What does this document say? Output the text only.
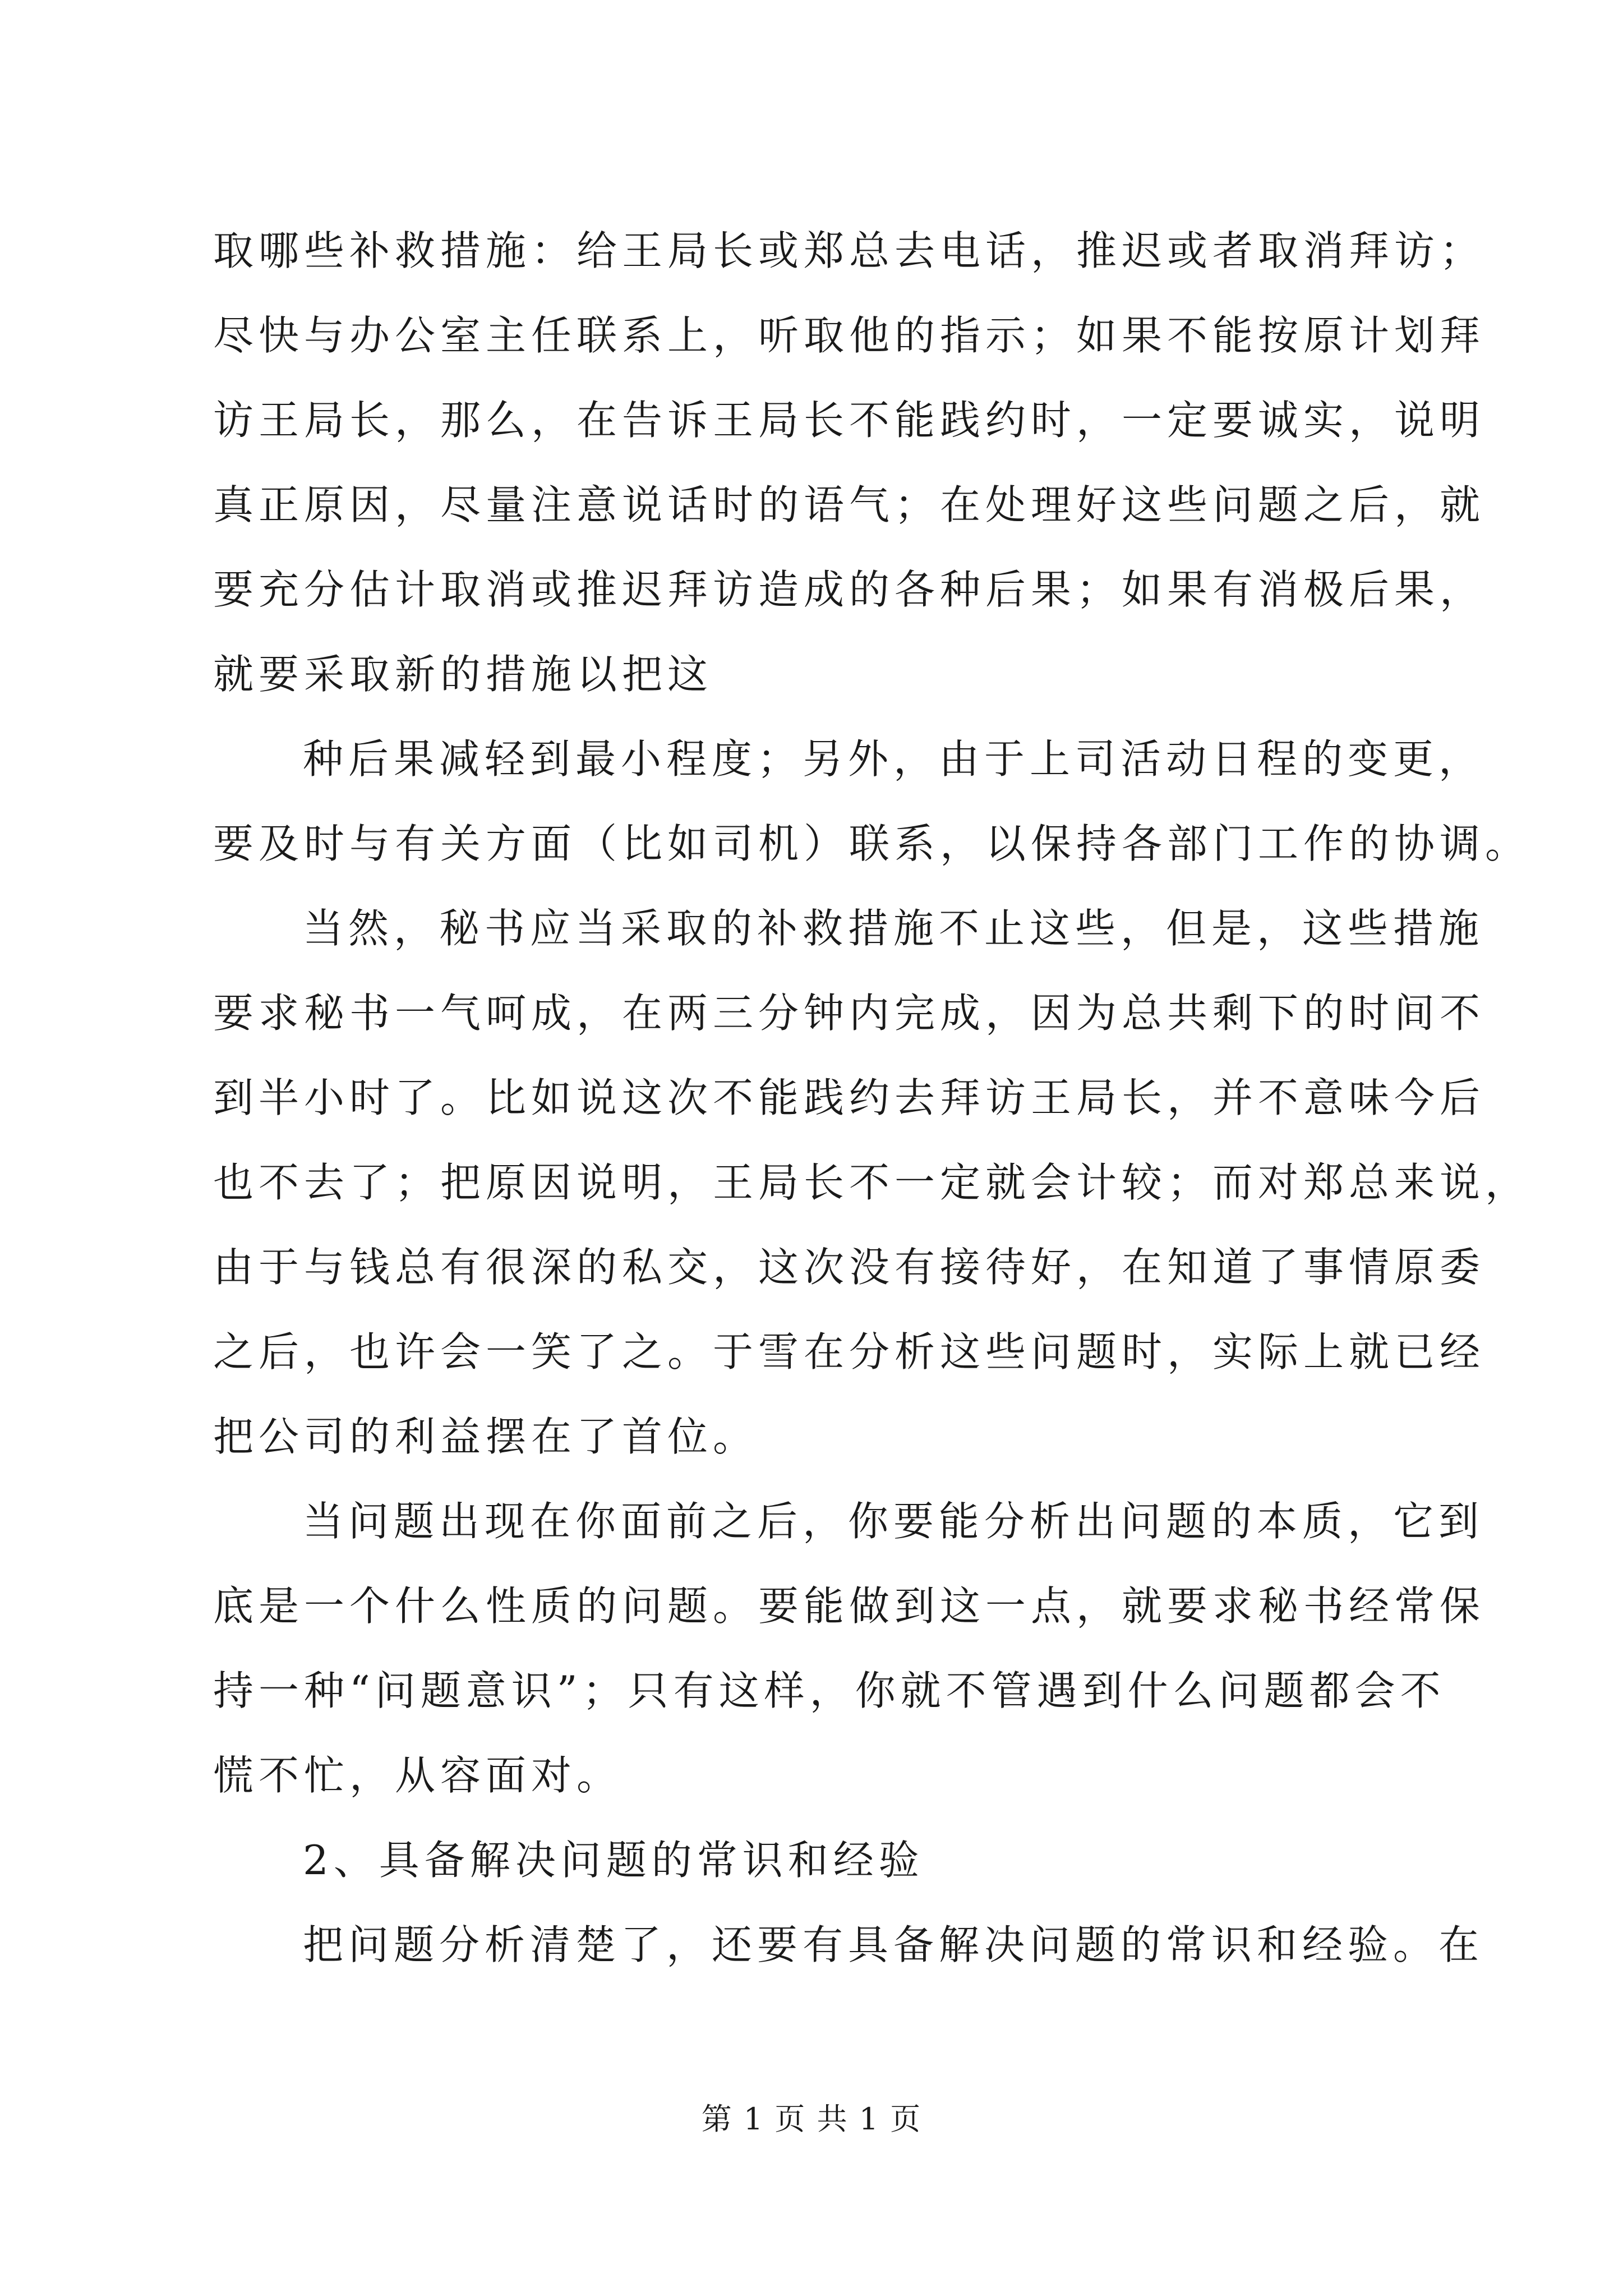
取哪些补救措施：给王局长或郑总去电话，推迟或者取消拜访；
尽快与办公室主任联系上，听取他的指示；如果不能按原计划拜
访王局长，那么，在告诉王局长不能践约时，一定要诚实，说明
真正原因，尽量注意说话时的语气；在处理好这些问题之后，就
要充分估计取消或推迟拜访造成的各种后果；如果有消极后果，
就要采取新的措施以把这
种后果减轻到最小程度；另外，由于上司活动日程的变更，
要及时与有关方面（比如司机）联系，以保持各部门工作的协调。
当然，秘书应当采取的补救措施不止这些，但是，这些措施
要求秘书一气呵成，在两三分钟内完成，因为总共剩下的时间不
到半小时了。比如说这次不能践约去拜访王局长，并不意味今后
也不去了；把原因说明，王局长不一定就会计较；而对郑总来说，
由于与钱总有很深的私交，这次没有接待好，在知道了事情原委
之后，也许会一笑了之。于雪在分析这些问题时，实际上就已经
把公司的利益摆在了首位。
当问题出现在你面前之后，你要能分析出问题的本质，它到
底是一个什么性质的问题。要能做到这一点，就要求秘书经常保
持一种“问题意识”；只有这样，你就不管遇到什么问题都会不
慌不忙，从容面对。
2、具备解决问题的常识和经验
把问题分析清楚了，还要有具备解决问题的常识和经验。在
第 1 页 共 1 页
